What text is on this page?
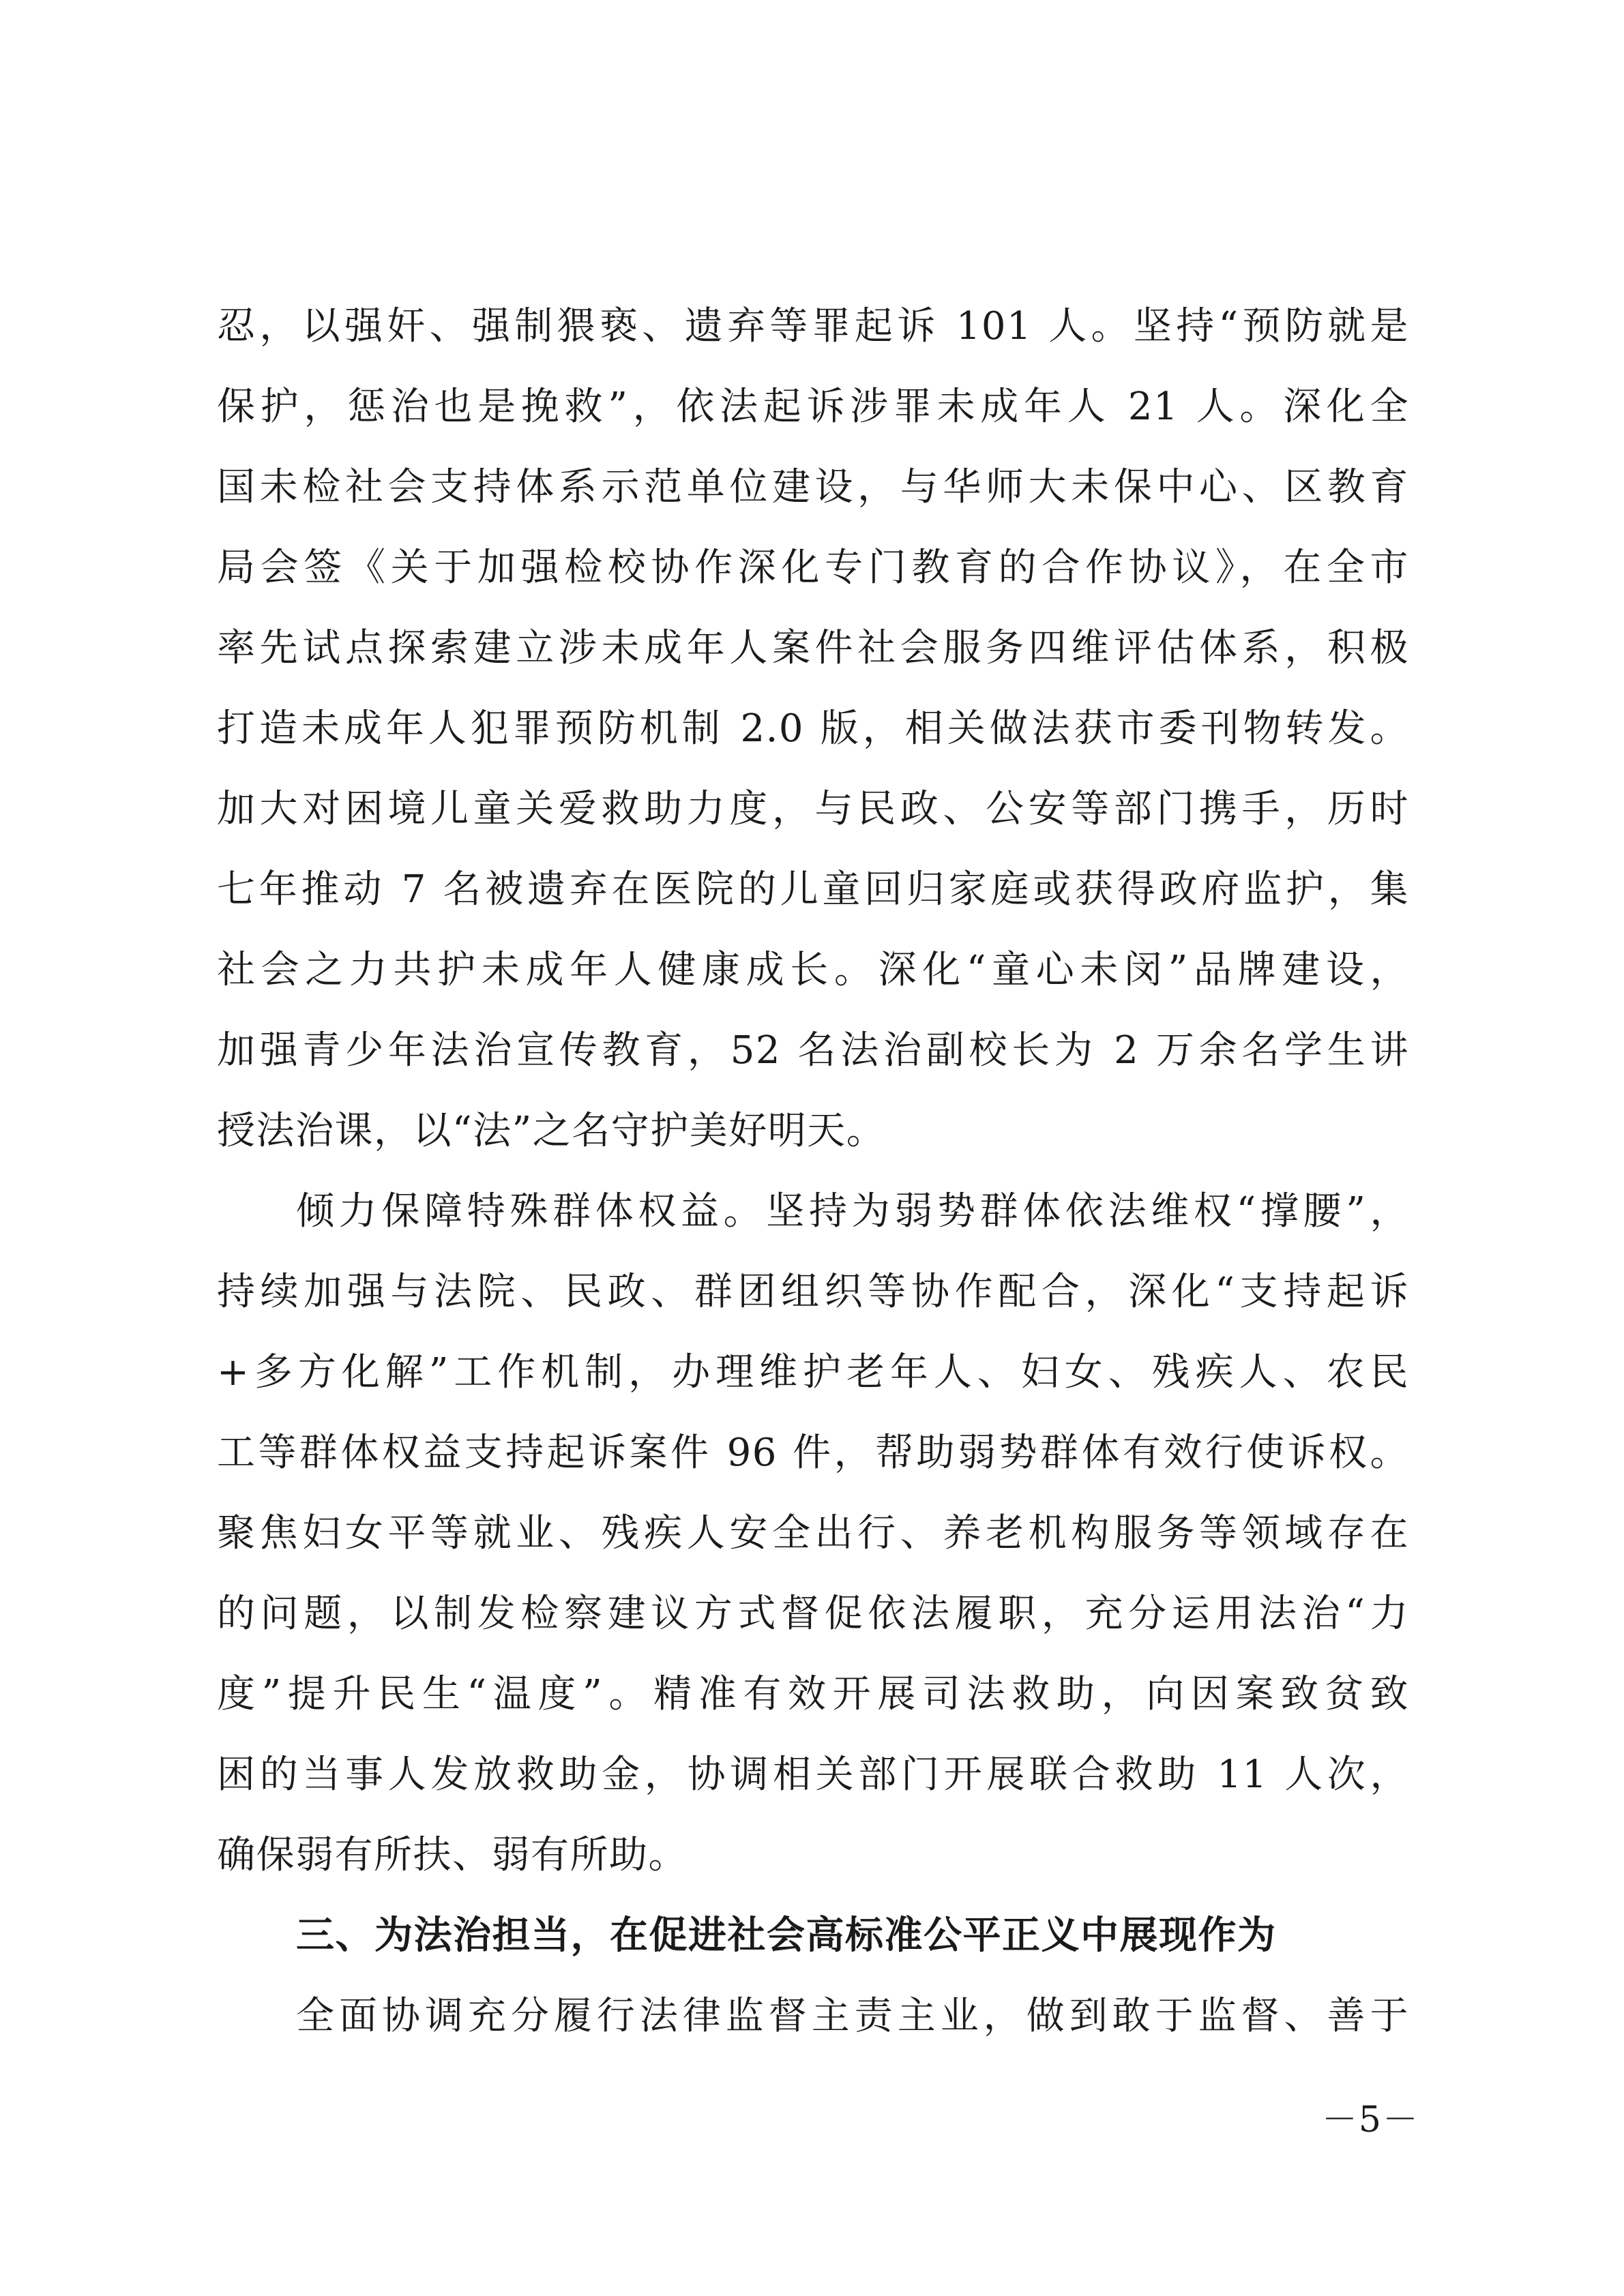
忍，以强奸、强制猥亵、遗弃等罪起诉 101 人。坚持“预防就是
保护，惩治也是挽救”，依法起诉涉罪未成年人 21 人。深化全
国未检社会支持体系示范单位建设，与华师大未保中心、区教育
局会签《关于加强检校协作深化专门教育的合作协议》，在全市
率先试点探索建立涉未成年人案件社会服务四维评估体系，积极
打造未成年人犯罪预防机制 2.0 版，相关做法获市委刊物转发。
加大对困境儿童关爱救助力度，与民政、公安等部门携手，历时
七年推动 7 名被遗弃在医院的儿童回归家庭或获得政府监护，集
社会之力共护未成年人健康成长。深化“童心未闵”品牌建设，
加强青少年法治宣传教育，52 名法治副校长为 2 万余名学生讲
授法治课，以“法”之名守护美好明天。
倾力保障特殊群体权益。坚持为弱势群体依法维权“撑腰”，
持续加强与法院、民政、群团组织等协作配合，深化“支持起诉
+多方化解”工作机制，办理维护老年人、妇女、残疾人、农民
工等群体权益支持起诉案件 96 件，帮助弱势群体有效行使诉权。
聚焦妇女平等就业、残疾人安全出行、养老机构服务等领域存在
的问题，以制发检察建议方式督促依法履职，充分运用法治“力
度”提升民生“温度”。精准有效开展司法救助，向因案致贫致
困的当事人发放救助金，协调相关部门开展联合救助 11 人次，
确保弱有所扶、弱有所助。
三、为法治担当，在促进社会高标准公平正义中展现作为
全面协调充分履行法律监督主责主业，做到敢于监督、善于
－5－
